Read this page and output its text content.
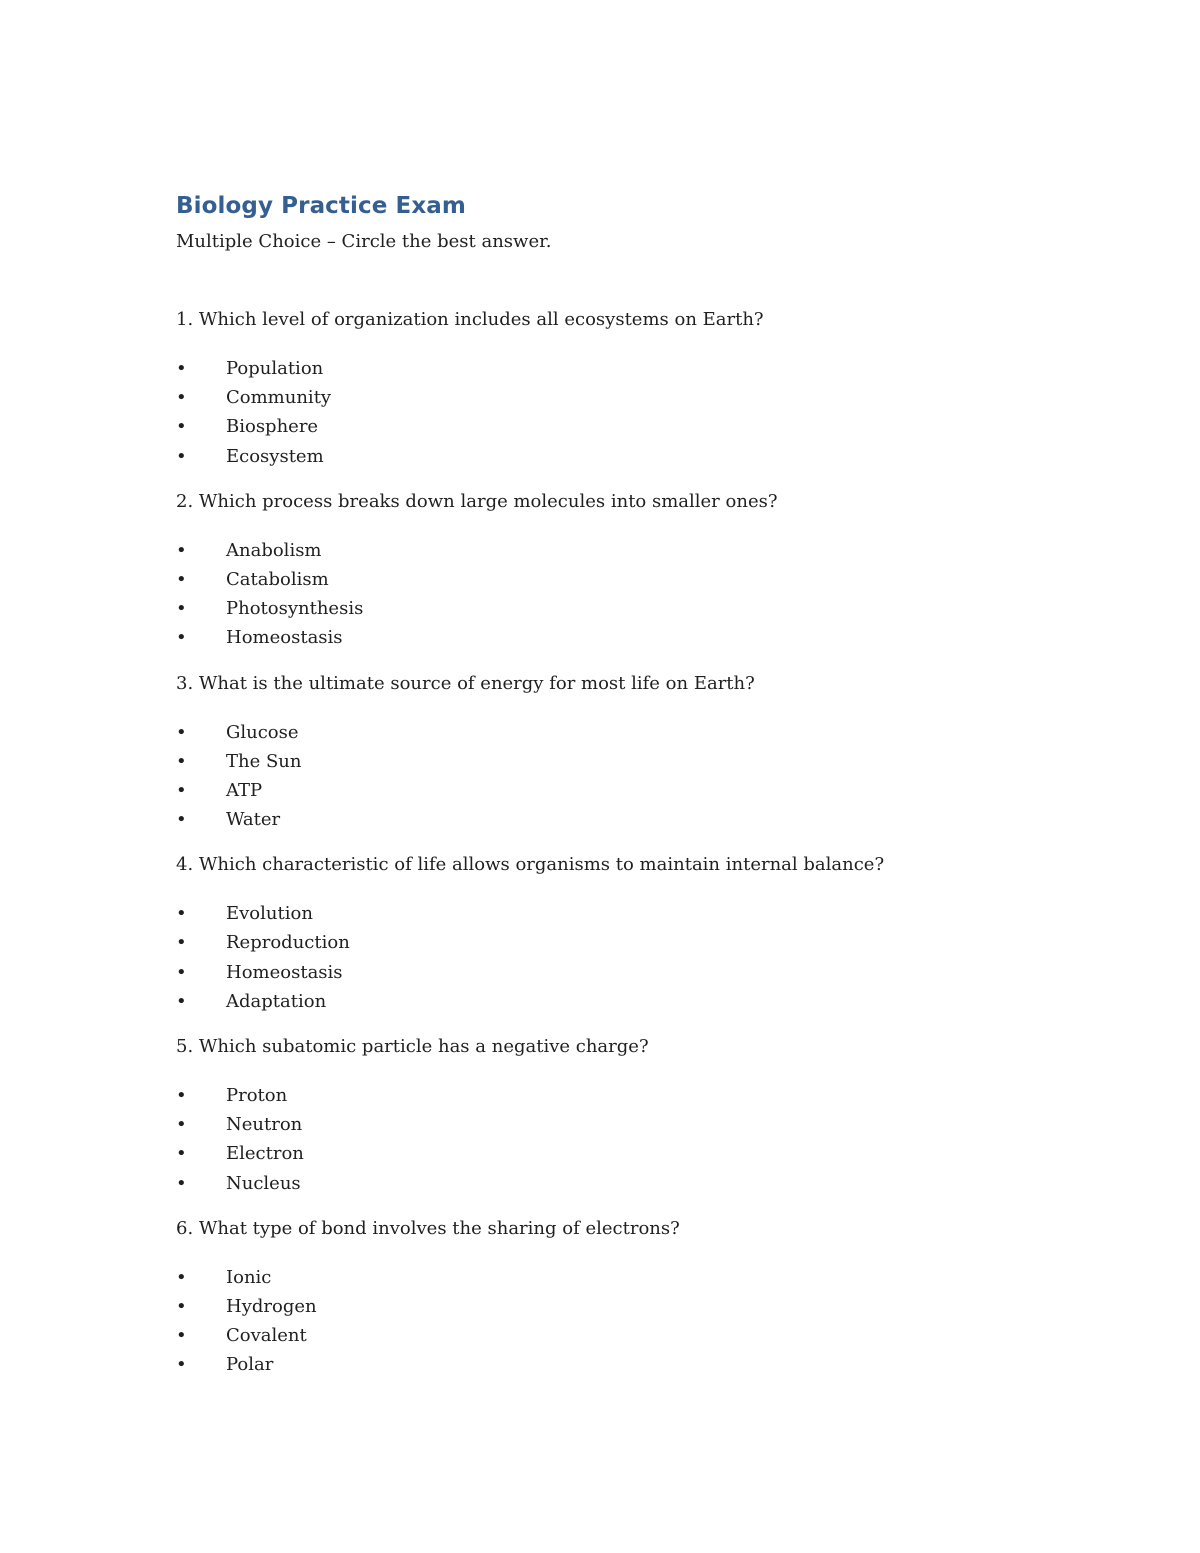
Biology Practice Exam

Multiple Choice – Circle the best answer.

1. Which level of organization includes all ecosystems on Earth?

• Population
• Community
• Biosphere
• Ecosystem

2. Which process breaks down large molecules into smaller ones?

• Anabolism
• Catabolism
• Photosynthesis
• Homeostasis

3. What is the ultimate source of energy for most life on Earth?

• Glucose
• The Sun
• ATP
• Water

4. Which characteristic of life allows organisms to maintain internal balance?

• Evolution
• Reproduction
• Homeostasis
• Adaptation

5. Which subatomic particle has a negative charge?

• Proton
• Neutron
• Electron
• Nucleus

6. What type of bond involves the sharing of electrons?

• Ionic
• Hydrogen
• Covalent
• Polar
